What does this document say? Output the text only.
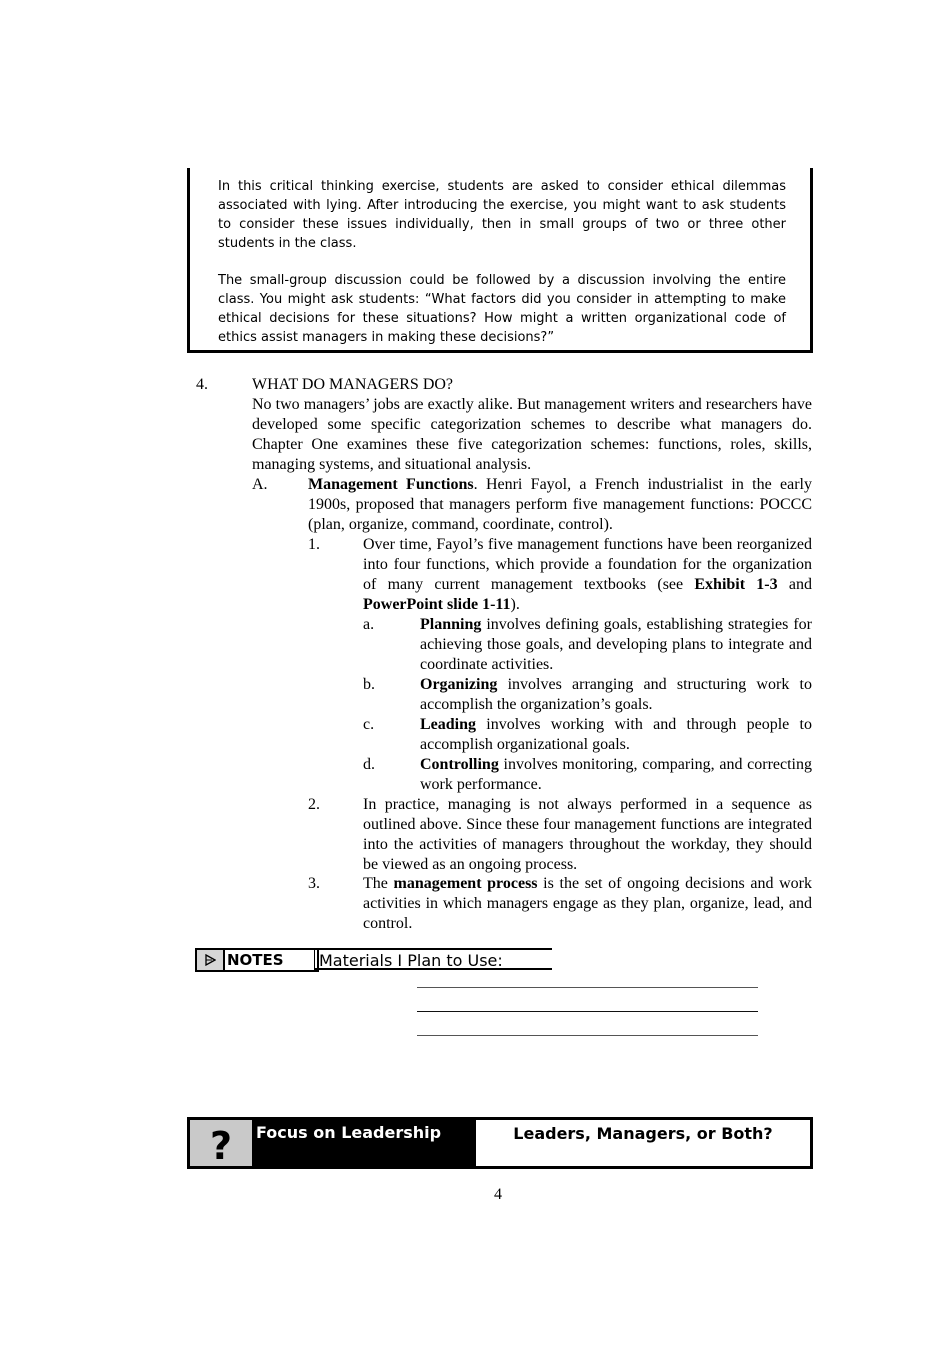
In this critical thinking exercise, students are asked to consider ethical dilemmas associated with lying. After introducing the exercise, you might want to ask students to consider these issues individually, then in small groups of two or three other students in the class.

The small-group discussion could be followed by a discussion involving the entire class. You might ask students: “What factors did you consider in attempting to make ethical decisions for these situations? How might a written organizational code of ethics assist managers in making these decisions?”

4.	WHAT DO MANAGERS DO?
No two managers’ jobs are exactly alike. But management writers and researchers have developed some specific categorization schemes to describe what managers do. Chapter One examines these five categorization schemes: functions, roles, skills, managing systems, and situational analysis.
A.	Management Functions. Henri Fayol, a French industrialist in the early 1900s, proposed that managers perform five management functions: POCCC (plan, organize, command, coordinate, control).
1.	Over time, Fayol’s five management functions have been reorganized into four functions, which provide a foundation for the organization of many current management textbooks (see Exhibit 1-3 and PowerPoint slide 1-11).
a.	Planning involves defining goals, establishing strategies for achieving those goals, and developing plans to integrate and coordinate activities.
b.	Organizing involves arranging and structuring work to accomplish the organization’s goals.
c.	Leading involves working with and through people to accomplish organizational goals.
d.	Controlling involves monitoring, comparing, and correcting work performance.
2.	In practice, managing is not always performed in a sequence as outlined above. Since these four management functions are integrated into the activities of managers throughout the workday, they should be viewed as an ongoing process.
3.	The management process is the set of ongoing decisions and work activities in which managers engage as they plan, organize, lead, and control.
NOTES	Materials I Plan to Use:
?	Focus on Leadership	Leaders, Managers, or Both?
4
